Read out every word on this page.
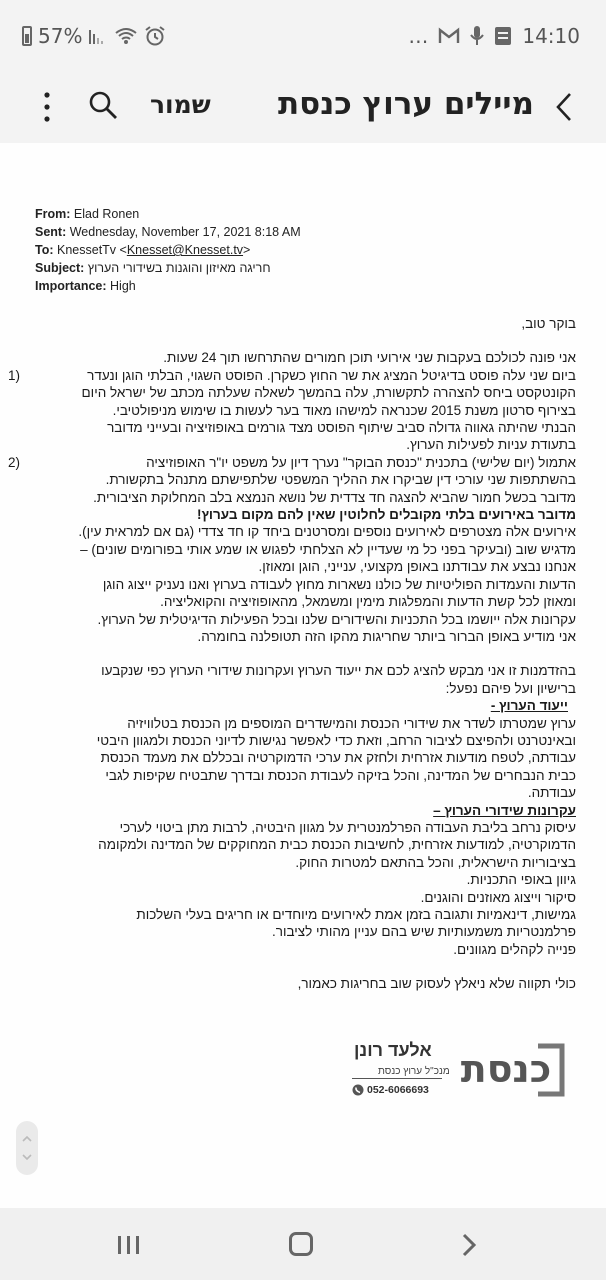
57%	…	14:10
מיילים ערוץ כנסת
שמור
From: Elad Ronen
Sent: Wednesday, November 17, 2021 8:18 AM
To: KnessetTv <Knesset@Knesset.tv>
Subject: חריגה מאיזון והוגנות בשידורי הערוץ
Importance: High

בוקר טוב,

אני פונה לכולכם בעקבות שני אירועי תוכן חמורים שהתרחשו תוך 24 שעות.

1)	ביום שני עלה פוסט בדיגיטל המציג את שר החוץ כשקרן. הפוסט השגוי, הבלתי הוגן ונעדר

הקונטקסט ביחס להצהרה לתקשורת, עלה בהמשך לשאלה שעלתה מכתב של ישראל היום

בצירוף סרטון משנת 2015 שכנראה למישהו מאוד בער לעשות בו שימוש מניפולטיבי.

הבנתי שהיתה גאווה גדולה סביב שיתוף הפוסט מצד גורמים באופוזיציה ובעייני מדובר

בתעודת עניות לפעילות הערוץ.

2)	אתמול (יום שלישי) בתכנית "כנסת הבוקר" נערך דיון על משפט יו"ר האופוזיציה

בהשתתפות שני עורכי דין שביקרו את ההליך המשפטי שלתפישתם מתנהל בתקשורת.

מדובר בכשל חמור שהביא להצגה חד צדדית של נושא הנמצא בלב המחלוקת הציבורית.

מדובר באירועים בלתי מקובלים לחלוטין שאין להם מקום בערוץ!

אירועים אלה מצטרפים לאירועים נוספים ומסרטנים ביחד קו חד צדדי (גם אם למראית עין).

מדגיש שוב (ובעיקר בפני כל מי שעדיין לא הצלחתי לפגוש או שמע אותי בפורומים שונים) –

אנחנו נבצע את עבודתנו באופן מקצועי, ענייני, הוגן ומאוזן.

הדעות והעמדות הפוליטיות של כולנו נשארות מחוץ לעבודה בערוץ ואנו נעניק ייצוג הוגן

ומאוזן לכל קשת הדעות והמפלגות מימין ומשמאל, מהאופוזיציה והקואליציה.

עקרונות אלה ייושמו בכל התכניות והשידורים שלנו ובכל הפעילות הדיגיטלית של הערוץ.

אני מודיע באופן הברור ביותר שחריגות מהקו הזה תטופלנה בחומרה.

בהזדמנות זו אני מבקש להציג לכם את ייעוד הערוץ ועקרונות שידורי הערוץ כפי שנקבעו

ברישיון ועל פיהם נפעל:

ייעוד הערוץ -

ערוץ שמטרתו לשדר את שידורי הכנסת והמישדרים המוספים מן הכנסת בטלוויזיה

ובאינטרנט ולהפיצם לציבור הרחב, וזאת כדי לאפשר נגישות לדיוני הכנסת ולמגוון היבטי

עבודתה, לטפח מודעות אזרחית ולחזק את ערכי הדמוקרטיה ובכללם את מעמד הכנסת

כבית הנבחרים של המדינה, והכל בזיקה לעבודת הכנסת ובדרך שתבטיח שקיפות לגבי

עבודתה.

עקרונות שידורי הערוץ –

עיסוק נרחב בליבת העבודה הפרלמנטרית על מגוון היבטיה, לרבות מתן ביטוי לערכי

הדמוקרטיה, למודעות אזרחית, לחשיבות הכנסת כבית המחוקקים של המדינה ולמקומה

בציבוריות הישראלית, והכל בהתאם למטרות החוק.

גיוון באופי התכניות.

סיקור וייצוג מאוזנים והוגנים.

גמישות, דינאמיות ותגובה בזמן אמת לאירועים מיוחדים או חריגים בעלי השלכות

פרלמנטריות משמעותיות שיש בהם עניין מהותי לציבור.

פנייה לקהלים מגוונים.

כולי תקווה שלא ניאלץ לעסוק שוב בחריגות כאמור,

אלעד רונן
מנכ"ל ערוץ כנסת
052-6066693 כנסת
